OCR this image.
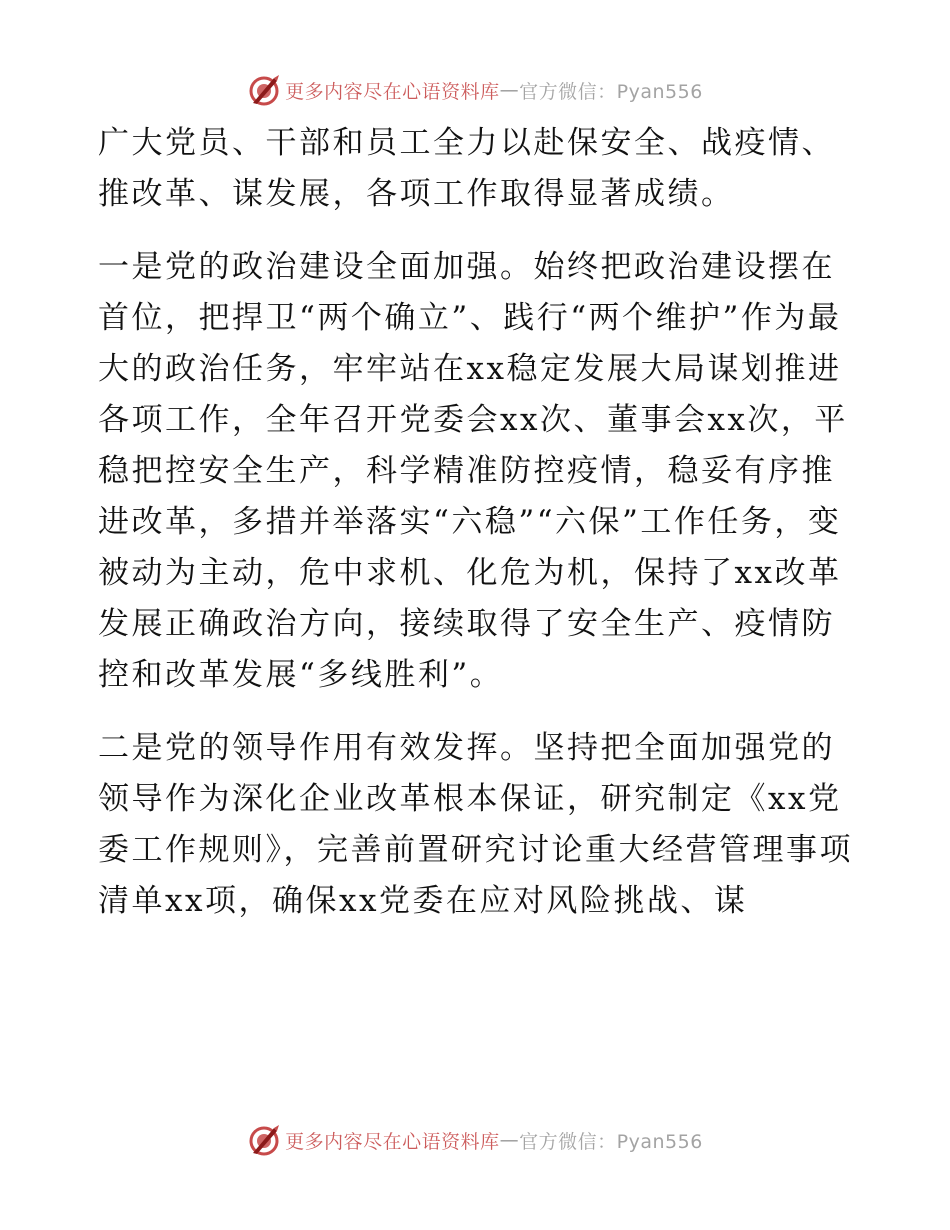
更多内容尽在心语资料库 — 官方微信：Pyan556

广大党员、干部和员工全力以赴保安全、战疫情、推改革、谋发展，各项工作取得显著成绩。

一是党的政治建设全面加强。始终把政治建设摆在首位，把捍卫“两个确立”、践行“两个维护”作为最大的政治任务，牢牢站在xx稳定发展大局谋划推进各项工作，全年召开党委会xx次、董事会xx次，平稳把控安全生产，科学精准防控疫情，稳妥有序推进改革，多措并举落实“六稳”“六保”工作任务，变被动为主动，危中求机、化危为机，保持了xx改革发展正确政治方向，接续取得了安全生产、疫情防控和改革发展“多线胜利”。

二是党的领导作用有效发挥。坚持把全面加强党的领导作为深化企业改革根本保证，研究制定《xx党委工作规则》，完善前置研究讨论重大经营管理事项清单xx项，确保xx党委在应对风险挑战、谋

更多内容尽在心语资料库 — 官方微信：Pyan556
